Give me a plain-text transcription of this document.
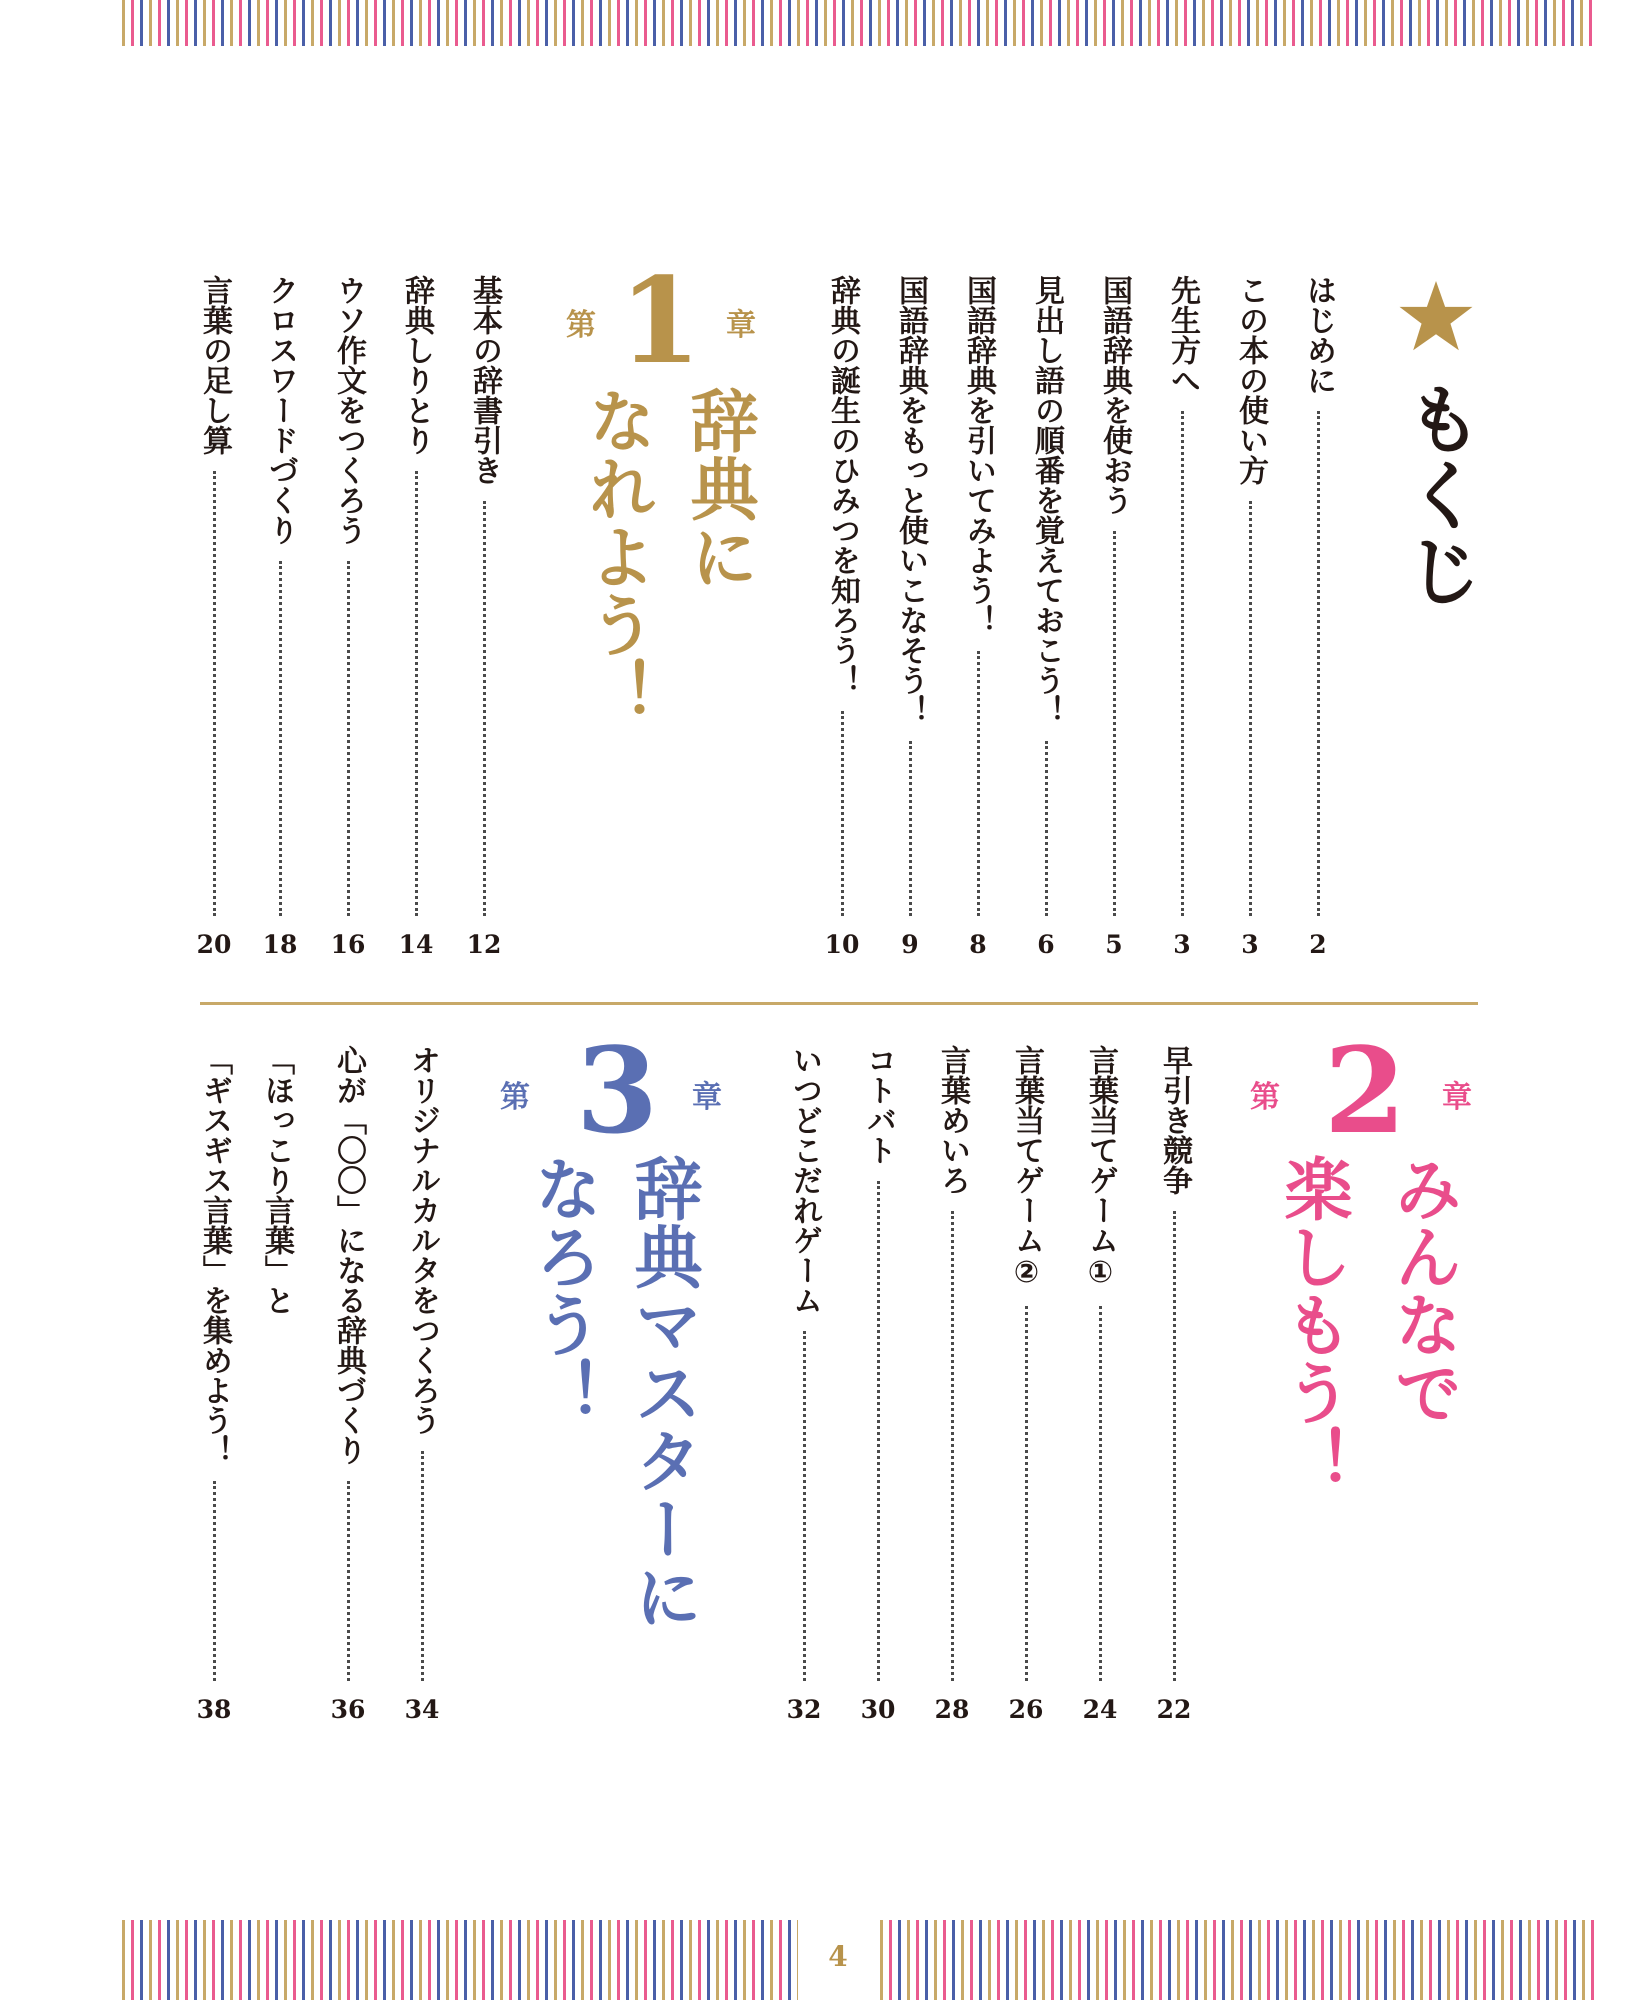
もくじ
はじめに
2
この本の使い方
3
先生方へ
3
国語辞典を使おう
5
見出し語の順番を覚えておこう！
6
国語辞典を引いてみよう！
8
国語辞典をもっと使いこなそう！
9
辞典の誕生のひみつを知ろう！
10
第 1 章
辞典に
なれよう！
基本の辞書引き
12
辞典しりとり
14
ウソ作文をつくろう
16
クロスワードづくり
18
言葉の足し算
20
第 2	章
みんなで
楽しもう！
早引き競争
22
言葉当てゲーム①
24
言葉当てゲーム②
26
言葉めいろ
28
コトバト
30
いつどこだれゲーム
32
第 3	章
辞典マスターに
なろう！
オリジナルカルタをつくろう
34
心が「〇〇」になる辞典づくり
36
「ほっこり言葉」と
「ギスギス言葉」を集めよう！
38
4
